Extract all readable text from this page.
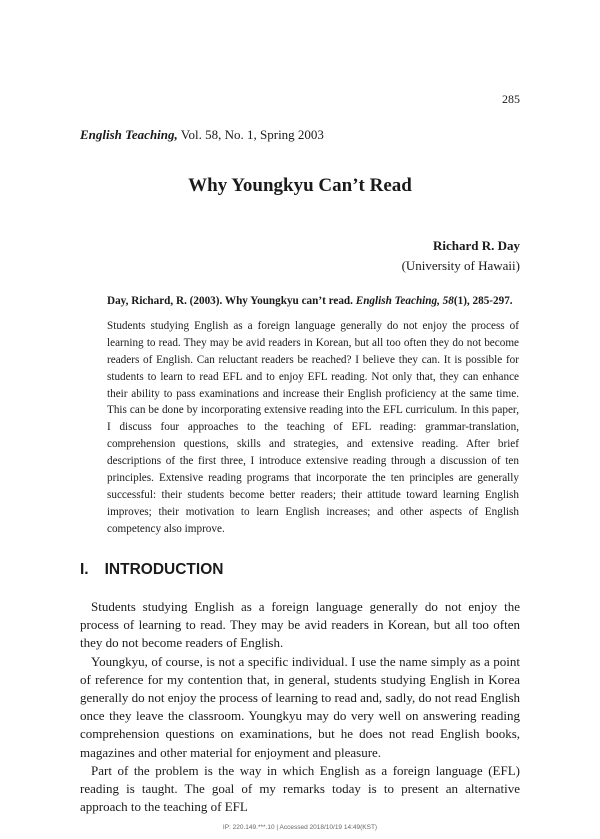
285
English Teaching, Vol. 58, No. 1, Spring 2003
Why Youngkyu Can’t Read
Richard R. Day
(University of Hawaii)

Day, Richard, R. (2003). Why Youngkyu can’t read. English Teaching, 58(1), 285-297.

Students studying English as a foreign language generally do not enjoy the process of learning to read. They may be avid readers in Korean, but all too often they do not become readers of English. Can reluctant readers be reached? I believe they can. It is possible for students to learn to read EFL and to enjoy EFL reading. Not only that, they can enhance their ability to pass examinations and increase their English proficiency at the same time. This can be done by incorporating extensive reading into the EFL curriculum. In this paper, I discuss four approaches to the teaching of EFL reading: grammar-translation, comprehension questions, skills and strategies, and extensive reading. After brief descriptions of the first three, I introduce extensive reading through a discussion of ten principles. Extensive reading programs that incorporate the ten principles are generally successful: their students become better readers; their attitude toward learning English improves; their motivation to learn English increases; and other aspects of English competency also improve.

I. INTRODUCTION

Students studying English as a foreign language generally do not enjoy the process of learning to read. They may be avid readers in Korean, but all too often they do not become readers of English.

Youngkyu, of course, is not a specific individual. I use the name simply as a point of reference for my contention that, in general, students studying English in Korea generally do not enjoy the process of learning to read and, sadly, do not read English once they leave the classroom. Youngkyu may do very well on answering reading comprehension questions on examinations, but he does not read English books, magazines and other material for enjoyment and pleasure.

Part of the problem is the way in which English as a foreign language (EFL) reading is taught. The goal of my remarks today is to present an alternative approach to the teaching of EFL

IP: 220.149.***.10 | Accessed 2018/10/19 14:49(KST)
